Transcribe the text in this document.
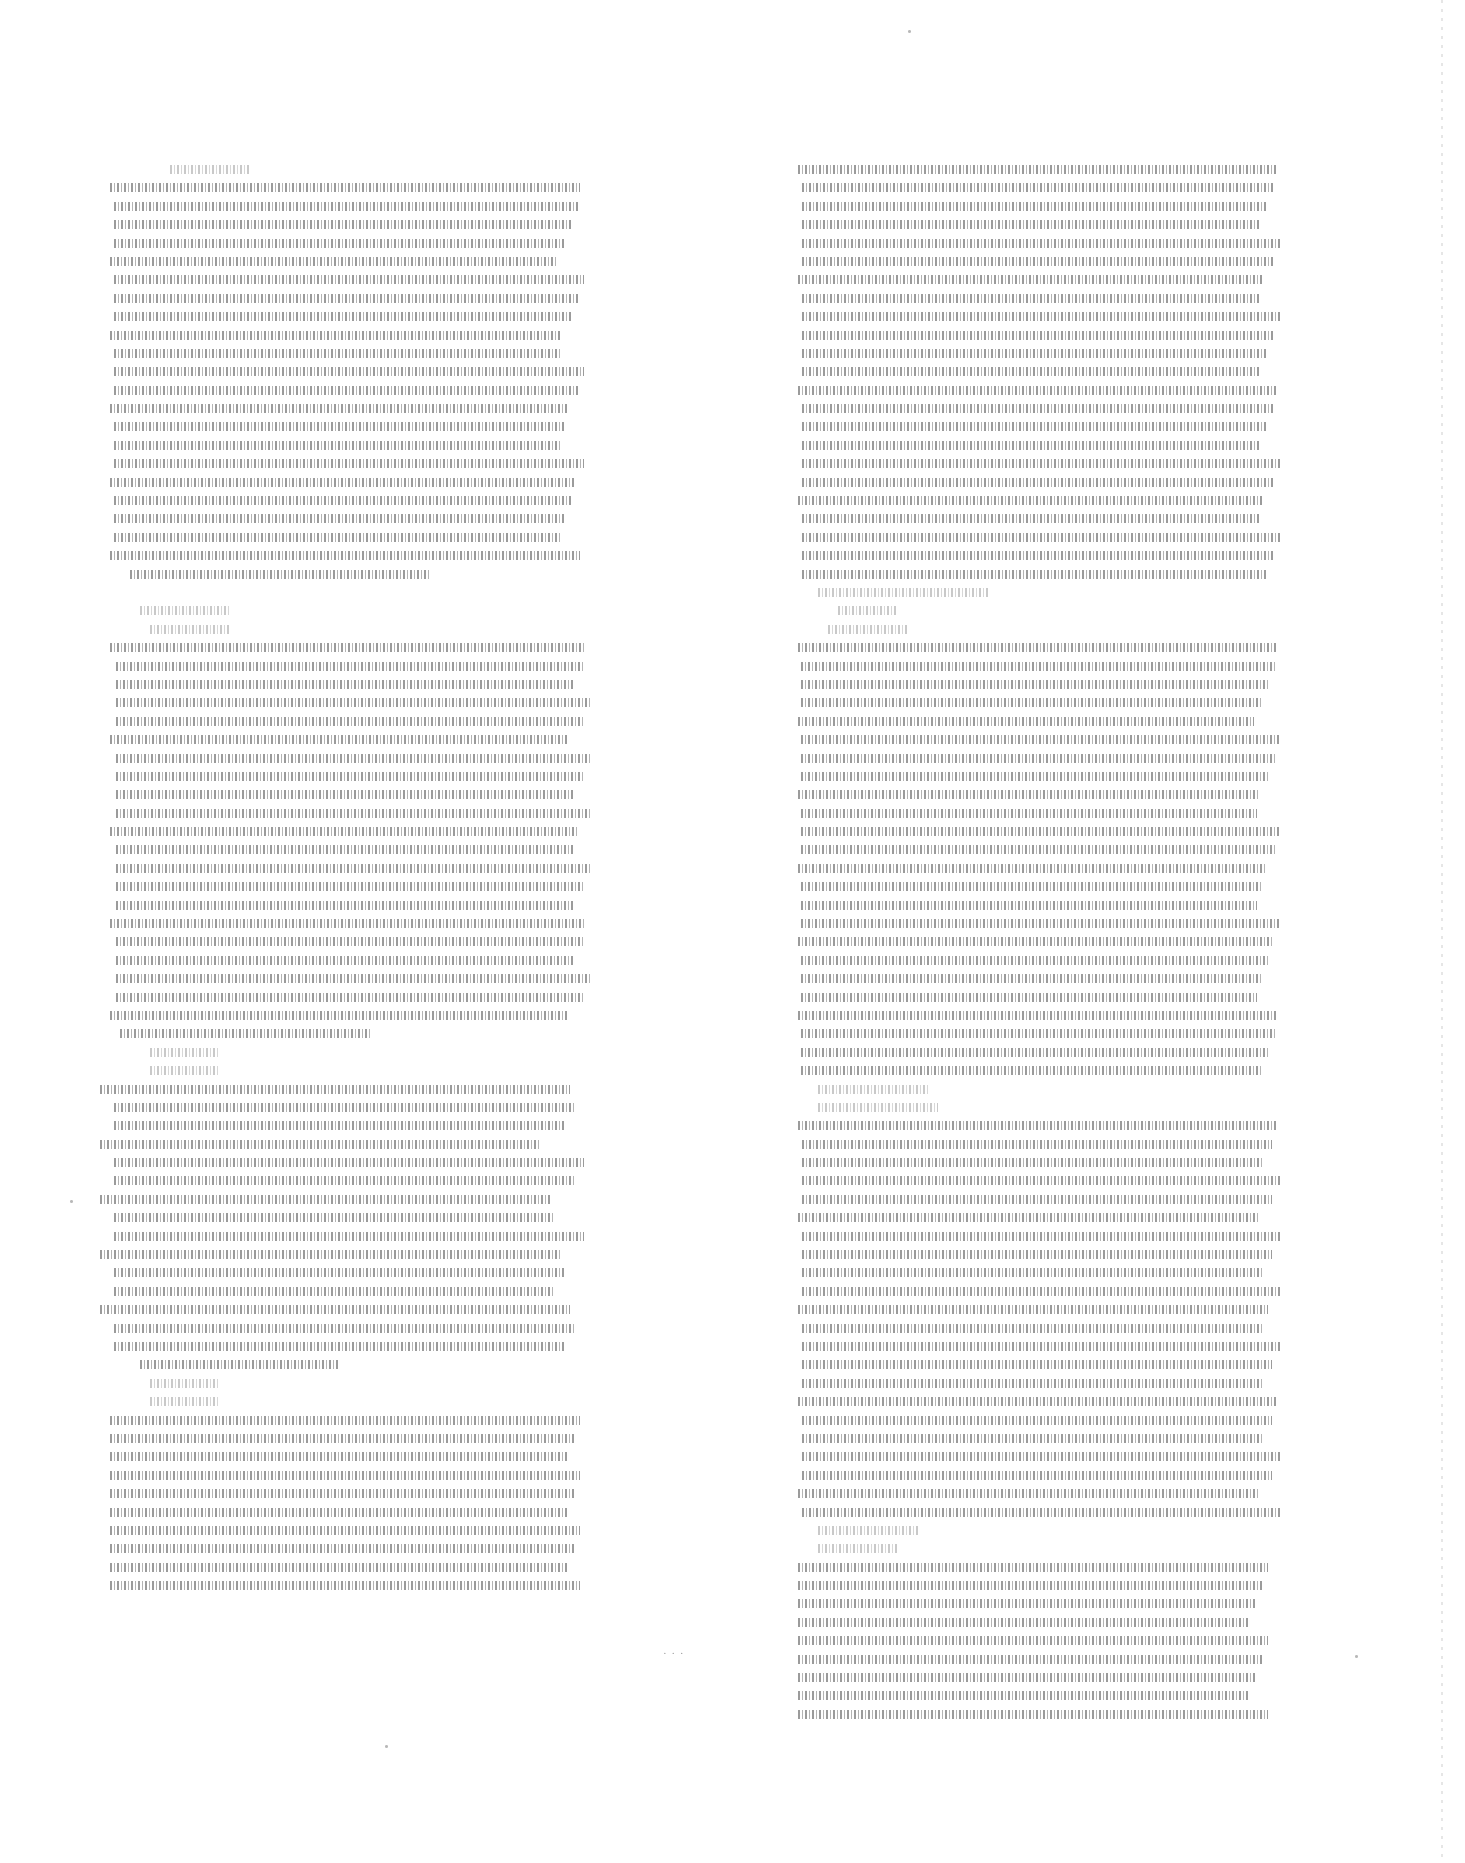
· · ·
